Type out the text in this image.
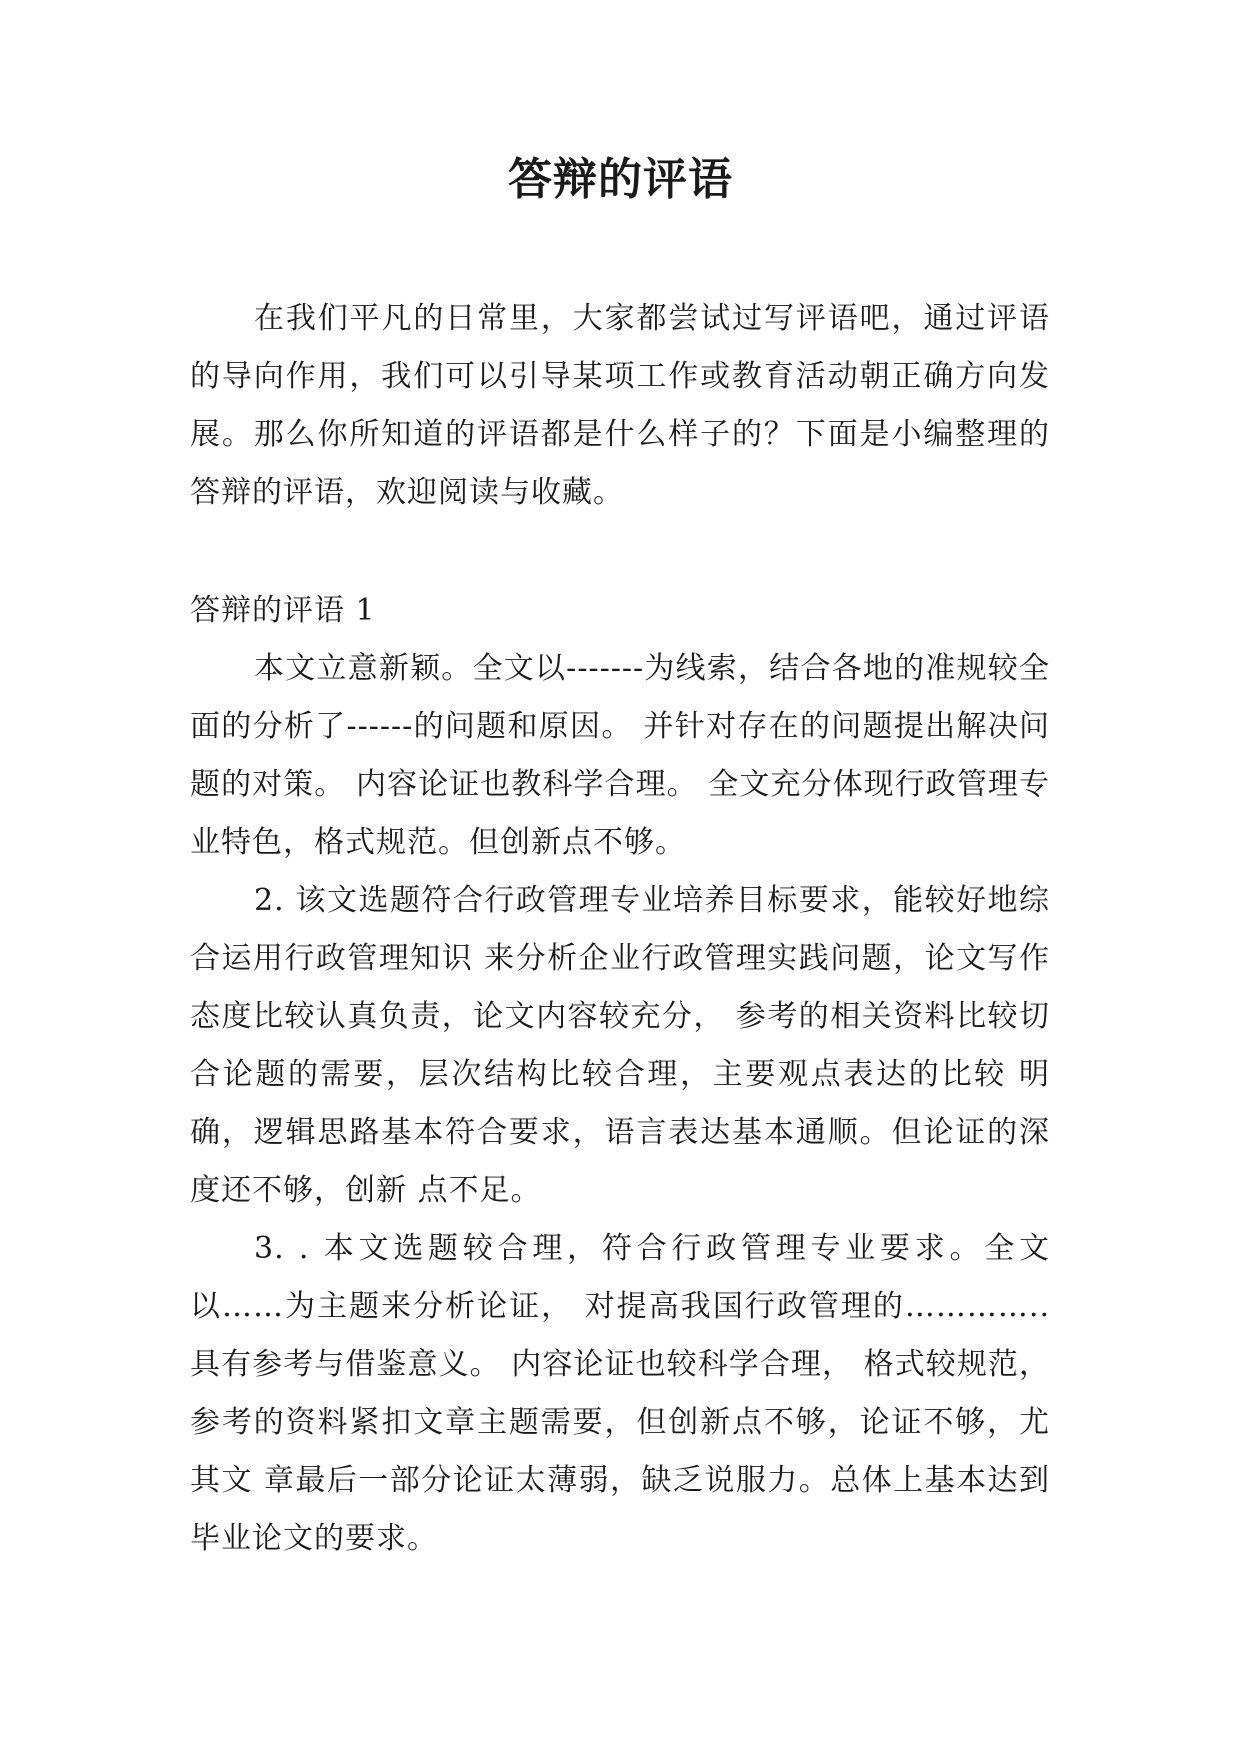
答辩的评语

在我们平凡的日常里，大家都尝试过写评语吧，通过评语的导向作用，我们可以引导某项工作或教育活动朝正确方向发展。那么你所知道的评语都是什么样子的？下面是小编整理的答辩的评语，欢迎阅读与收藏。

答辩的评语 1

本文立意新颖。全文以-------为线索，结合各地的准规较全面的分析了------的问题和原因。 并针对存在的问题提出解决问题的对策。 内容论证也教科学合理。 全文充分体现行政管理专业特色，格式规范。但创新点不够。

2. 该文选题符合行政管理专业培养目标要求，能较好地综合运用行政管理知识 来分析企业行政管理实践问题，论文写作态度比较认真负责，论文内容较充分， 参考的相关资料比较切合论题的需要，层次结构比较合理，主要观点表达的比较 明确，逻辑思路基本符合要求，语言表达基本通顺。但论证的深度还不够，创新 点不足。

3. . 本文选题较合理，符合行政管理专业要求。全文以……为主题来分析论证， 对提高我国行政管理的…………..具有参考与借鉴意义。 内容论证也较科学合理， 格式较规范，参考的资料紧扣文章主题需要，但创新点不够，论证不够，尤其文 章最后一部分论证太薄弱，缺乏说服力。总体上基本达到毕业论文的要求。
